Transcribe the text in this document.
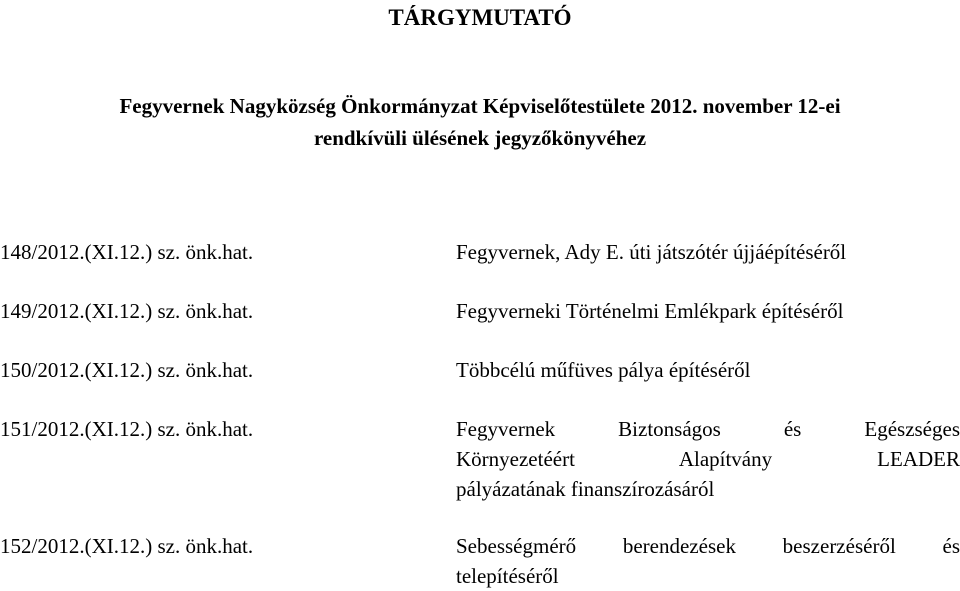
TÁRGYMUTATÓ
Fegyvernek Nagyközség Önkormányzat Képviselőtestülete 2012. november 12-ei
rendkívüli ülésének jegyzőkönyvéhez
148/2012.(XI.12.) sz. önk.hat.	Fegyvernek, Ady E. úti játszótér újjáépítéséről
149/2012.(XI.12.) sz. önk.hat.	Fegyverneki Történelmi Emlékpark építéséről
150/2012.(XI.12.) sz. önk.hat.	Többcélú műfüves pálya építéséről
151/2012.(XI.12.) sz. önk.hat.	Fegyvernek Biztonságos és Egészséges
Környezetéért Alapítvány LEADER
pályázatának finanszírozásáról
152/2012.(XI.12.) sz. önk.hat.	Sebességmérő berendezések beszerzéséről és
telepítéséről
